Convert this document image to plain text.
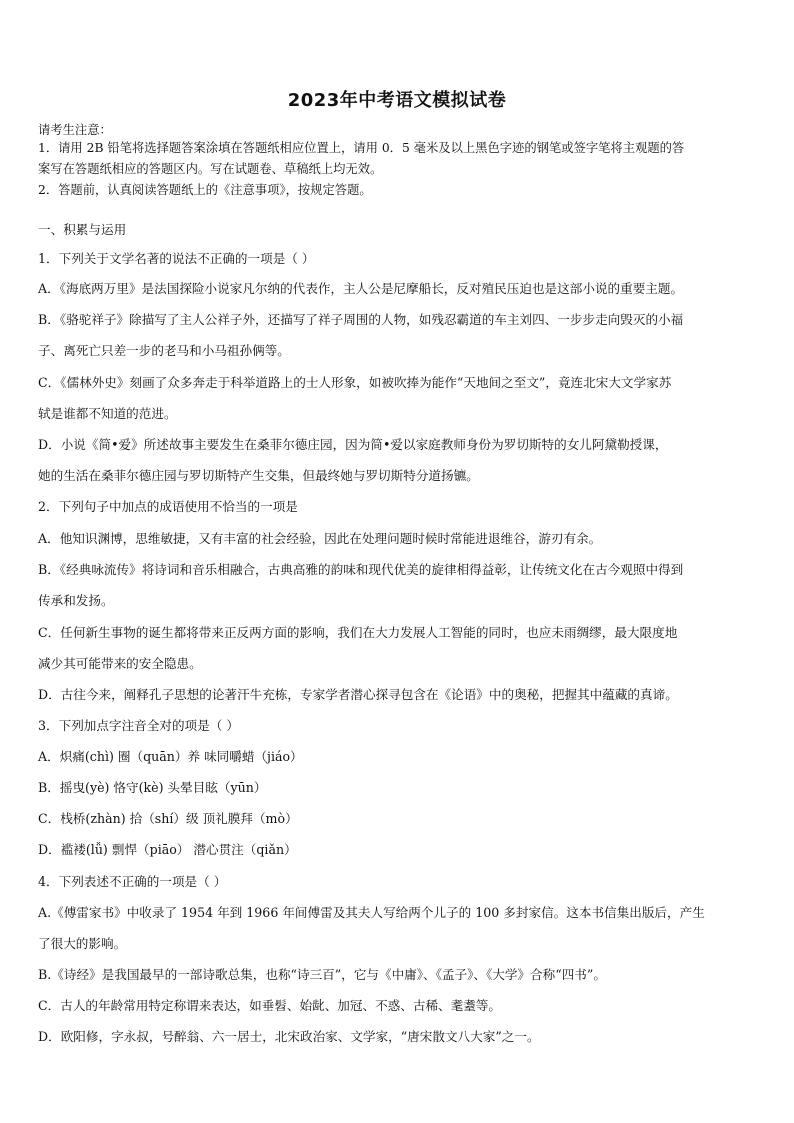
2023年中考语文模拟试卷
请考生注意：
1．请用 2B 铅笔将选择题答案涂填在答题纸相应位置上，请用 0．5 毫米及以上黑色字迹的钢笔或签字笔将主观题的答
案写在答题纸相应的答题区内。写在试题卷、草稿纸上均无效。
2．答题前，认真阅读答题纸上的《注意事项》，按规定答题。
一、积累与运用
1．下列关于文学名著的说法不正确的一项是（ ）
A．《海底两万里》是法国探险小说家凡尔纳的代表作，主人公是尼摩船长，反对殖民压迫也是这部小说的重要主题。
B．《骆驼祥子》除描写了主人公祥子外，还描写了祥子周围的人物，如残忍霸道的车主刘四、一步步走向毁灭的小福
子、离死亡只差一步的老马和小马祖孙俩等。
C．《儒林外史》刻画了众多奔走于科举道路上的士人形象，如被吹捧为能作“天地间之至文”，竟连北宋大文学家苏
轼是谁都不知道的范进。
D．小说《简•爱》所述故事主要发生在桑菲尔德庄园，因为简•爱以家庭教师身份为罗切斯特的女儿阿黛勒授课，
她的生活在桑菲尔德庄园与罗切斯特产生交集，但最终她与罗切斯特分道扬镳。
2．下列句子中加点的成语使用不恰当的一项是
A．他知识渊博，思维敏捷，又有丰富的社会经验，因此在处理问题时候时常能进退维谷，游刃有余。
B．《经典咏流传》将诗词和音乐相融合，古典高雅的韵味和现代优美的旋律相得益彰，让传统文化在古今观照中得到
传承和发扬。
C．任何新生事物的诞生都将带来正反两方面的影响，我们在大力发展人工智能的同时，也应未雨绸缪，最大限度地
减少其可能带来的安全隐患。
D．古往今来，阐释孔子思想的论著汗牛充栋，专家学者潜心探寻包含在《论语》中的奥秘，把握其中蕴藏的真谛。
3．下列加点字注音全对的项是（ ）
A．炽痛(chì) 圈（quān）养 味同嚼蜡（jiáo）
B．摇曳(yè) 恪守(kè) 头晕目眩（yūn）
C．栈桥(zhàn) 拾（shí）级 顶礼膜拜（mò）
D．褴褛(lǚ) 剽悍（piāo） 潜心贯注（qiǎn）
4．下列表述不正确的一项是（ ）
A.《傅雷家书》中收录了 1954 年到 1966 年间傅雷及其夫人写给两个儿子的 100 多封家信。这本书信集出版后，产生
了很大的影响。
B.《诗经》是我国最早的一部诗歌总集，也称“诗三百”，它与《中庸》、《孟子》、《大学》合称“四书”。
C．古人的年龄常用特定称谓来表达，如垂髫、始龀、加冠、不惑、古稀、耄耋等。
D．欧阳修，字永叔，号醉翁、六一居士，北宋政治家、文学家，“唐宋散文八大家”之一。
